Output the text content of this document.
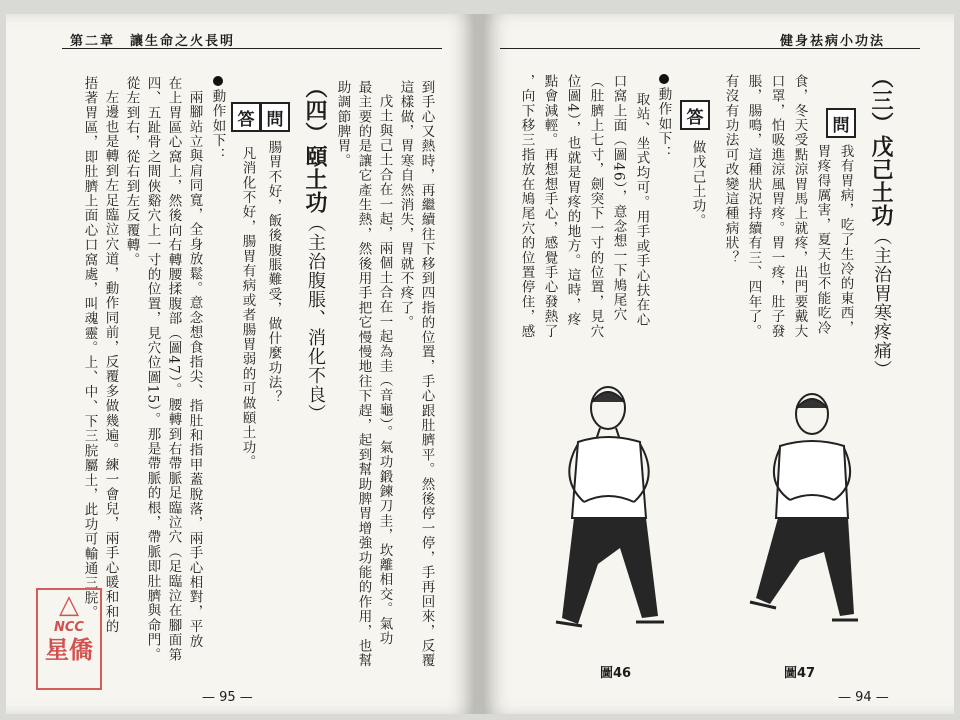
第二章　讓生命之火長明
到手心又熱時，再繼續往下移到四指的位置，手心跟肚臍平。然後停一停，手再回來，反覆
這樣做，胃寒自然消失，胃就不疼了。
戊土與己土合在一起，兩個土合在一起為圭（音龜）。氣功鍛鍊刀圭，坎離相交。氣功
最主要的是讓它產生熱，然後用手把它慢慢地往下趕，起到幫助脾胃增強功能的作用，也幫
助調節脾胃。
（四）頤土功（主治腹脹、消化不良）
問
答
腸胃不好，飯後腹脹難受，做什麼功法？
凡消化不好，腸胃有病或者腸胃弱的可做頤土功。
動作如下：
兩腳站立與肩同寬，全身放鬆。意念想食指尖、指肚和指甲蓋脫落，兩手心相對，平放
在上胃區心窩上，然後向右轉腰揉腹部（圖47）。腰轉到右帶脈足臨泣穴（足臨泣在腳面第
四、五趾骨之間俠谿穴上一寸的位置，見穴位圖15）。那是帶脈的根，帶脈即肚臍與命門。
從左到右，從右到左反覆轉。
左邊也是轉到左足臨泣穴道，動作同前，反覆多做幾遍。練一會兒，兩手心暖和和的
捂著胃區，即肚臍上面心口窩處，叫魂靈。上、中、下三脘屬土，此功可輸通三脘。
— 95 —
△
NCC
星僑
健身祛病小功法
（三）戊己土功（主治胃寒疼痛）
問
我有胃病，吃了生冷的東西，
胃疼得厲害，夏天也不能吃冷
食，冬天受點涼胃馬上就疼，出門要戴大
口罩，怕吸進涼風胃疼。胃一疼，肚子發
脹，腸鳴，這種狀況持續有三、四年了。
有沒有功法可改變這種病狀？
答
做戊己土功。
動作如下：
取站、坐式均可。用手或手心扶在心
口窩上面（圖46），意念想一下鳩尾穴
（肚臍上七寸，劍突下一寸的位置，見穴
位圖4），也就是胃疼的地方。這時，疼
點會減輕。再想想手心，感覺手心發熱了
，向下移三指放在鳩尾穴的位置停住，感
圖46	圖47
— 94 —
